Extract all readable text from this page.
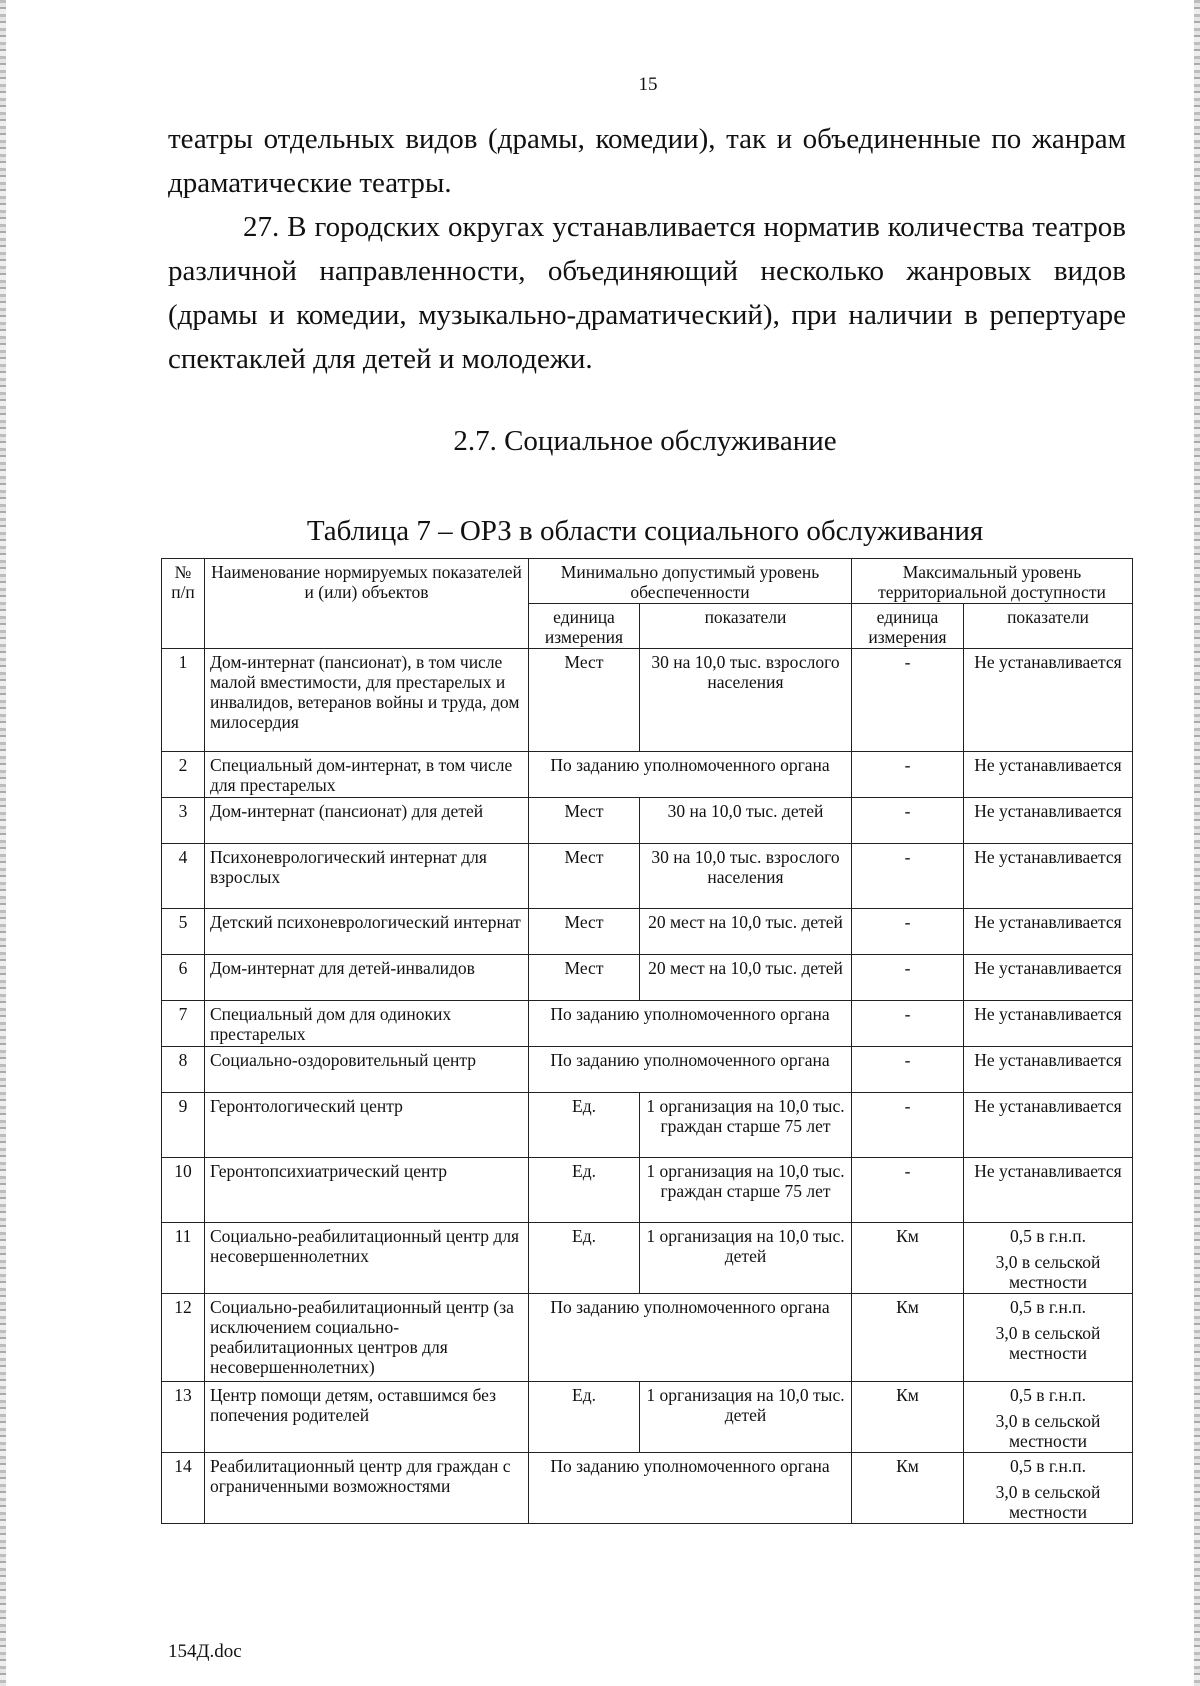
15

театры отдельных видов (драмы, комедии), так и объединенные по жанрам драматические театры.

27. В городских округах устанавливается норматив количества театров различной направленности, объединяющий несколько жанровых видов (драмы и комедии, музыкально-драматический), при наличии в репертуаре спектаклей для детей и молодежи.

2.7. Социальное обслуживание
Таблица 7 – ОРЗ в области социального обслуживания
№ п/п	Наименование нормируемых показателей и (или) объектов	Минимально допустимый уровень обеспеченности		Максимальный уровень территориальной доступности	
		единица измерения	показатели	единица измерения	показатели
1	Дом-интернат (пансионат), в том числе малой вместимости, для престарелых и инвалидов, ветеранов войны и труда, дом милосердия	Мест	30 на 10,0 тыс. взрослого населения	-	Не устанавливается
2	Специальный дом-интернат, в том числе для престарелых	По заданию уполномоченного органа		-	Не устанавливается
3	Дом-интернат (пансионат) для детей	Мест	30 на 10,0 тыс. детей	-	Не устанавливается
4	Психоневрологический интернат для взрослых	Мест	30 на 10,0 тыс. взрослого населения	-	Не устанавливается
5	Детский психоневрологический интернат	Мест	20 мест на 10,0 тыс. детей	-	Не устанавливается
6	Дом-интернат для детей-инвалидов	Мест	20 мест на 10,0 тыс. детей	-	Не устанавливается
7	Специальный дом для одиноких престарелых	По заданию уполномоченного органа		-	Не устанавливается
8	Социально-оздоровительный центр	По заданию уполномоченного органа		-	Не устанавливается
9	Геронтологический центр	Ед.	1 организация на 10,0 тыс. граждан старше 75 лет	-	Не устанавливается
10	Геронтопсихиатрический центр	Ед.	1 организация на 10,0 тыс. граждан старше 75 лет	-	Не устанавливается
11	Социально-реабилитационный центр для несовершеннолетних	Ед.	1 организация на 10,0 тыс. детей	Км	0,5 в г.н.п.
3,0 в сельской местности

12	Социально-реабилитационный центр (за исключением социально-реабилитационных центров для несовершеннолетних)	По заданию уполномоченного органа		Км	0,5 в г.н.п.
3,0 в сельской местности

13	Центр помощи детям, оставшимся без попечения родителей	Ед.	1 организация на 10,0 тыс. детей	Км	0,5 в г.н.п.
3,0 в сельской местности

14	Реабилитационный центр для граждан с ограниченными возможностями	По заданию уполномоченного органа		Км	0,5 в г.н.п.
3,0 в сельской местности
154Д.doc
